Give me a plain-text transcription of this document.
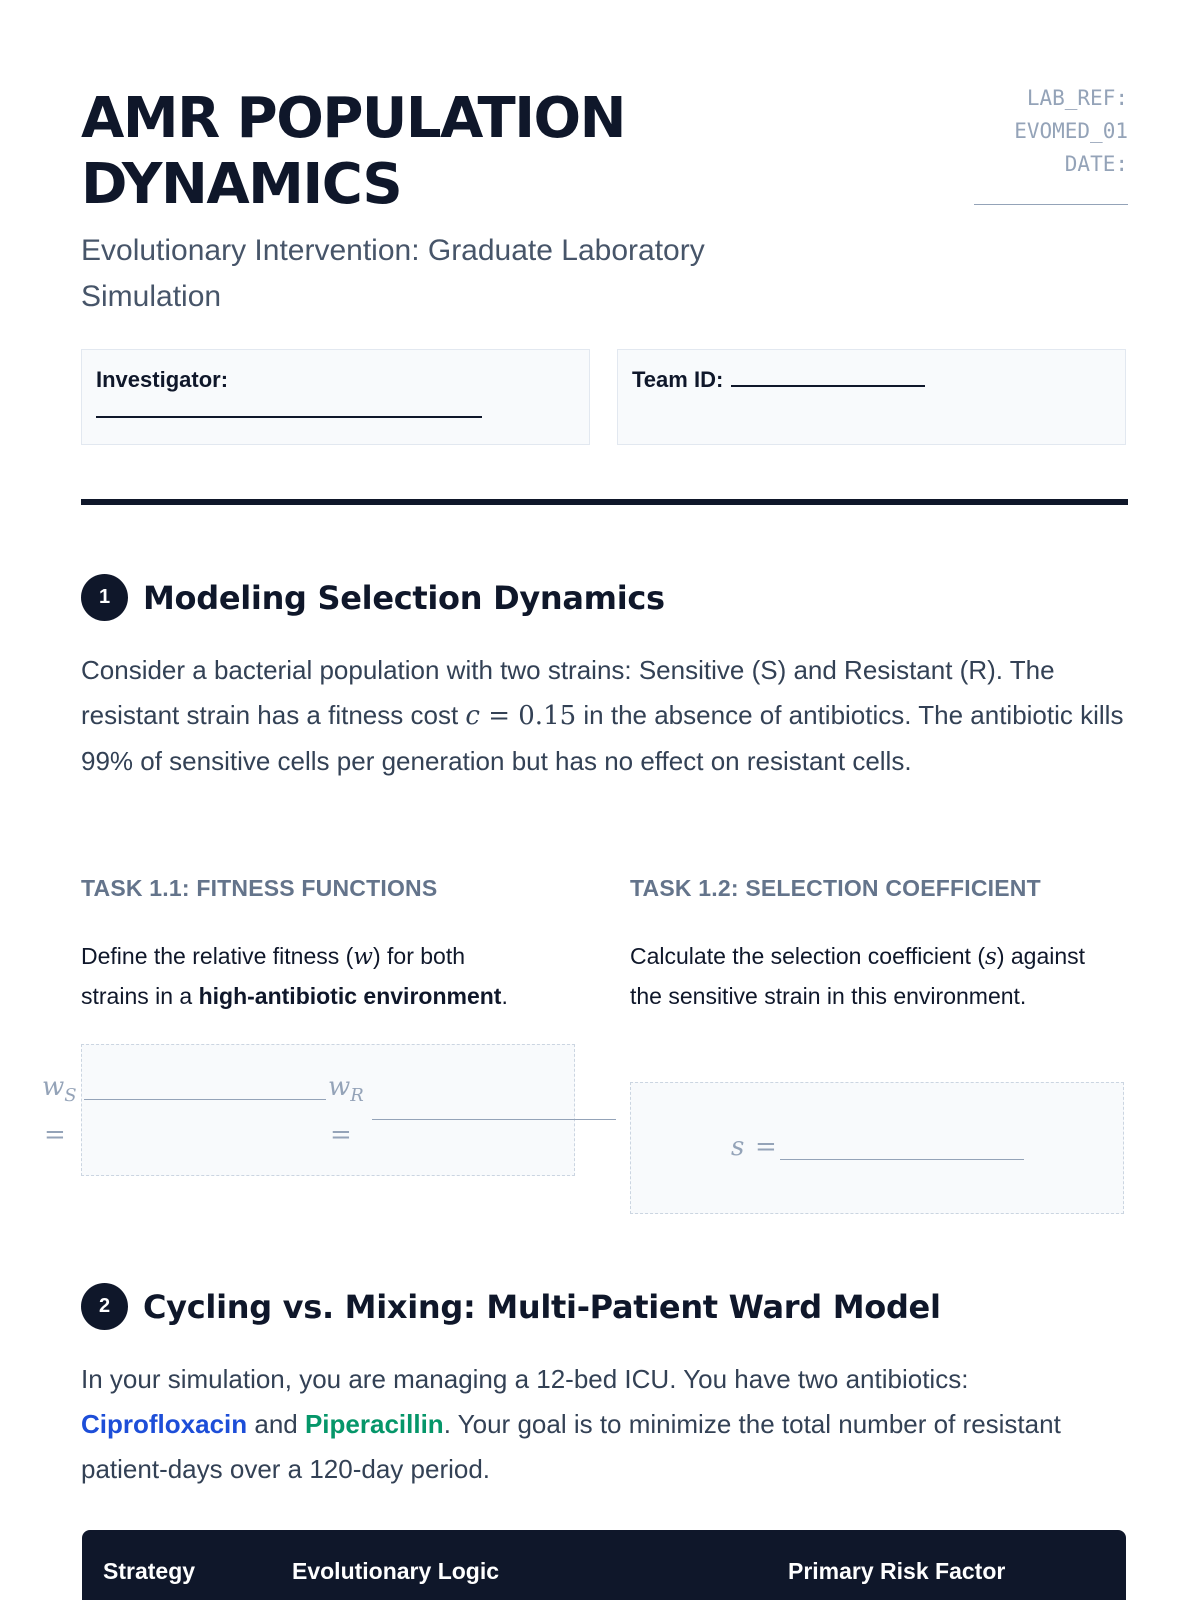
AMR POPULATION
DYNAMICS
LAB_REF:
EVOMED_01
DATE:
Evolutionary Intervention: Graduate Laboratory Simulation
Investigator:	Team ID:
1	Modeling Selection Dynamics

Consider a bacterial population with two strains: Sensitive (S) and Resistant (R). The resistant strain has a fitness cost c = 0.15 in the absence of antibiotics. The antibiotic kills 99% of sensitive cells per generation but has no effect on resistant cells.

TASK 1.1: FITNESS FUNCTIONS	TASK 1.2: SELECTION COEFFICIENT

Define the relative fitness (w) for both strains in a high-antibiotic environment.

Calculate the selection coefficient (s) against the sensitive strain in this environment.

$w_S$
=
$w_R$
=	s =
2	Cycling vs. Mixing: Multi-Patient Ward Model

In your simulation, you are managing a 12-bed ICU. You have two antibiotics: Ciprofloxacin and Piperacillin. Your goal is to minimize the total number of resistant patient-days over a 120-day period.

Strategy	Evolutionary Logic	Primary Risk Factor
